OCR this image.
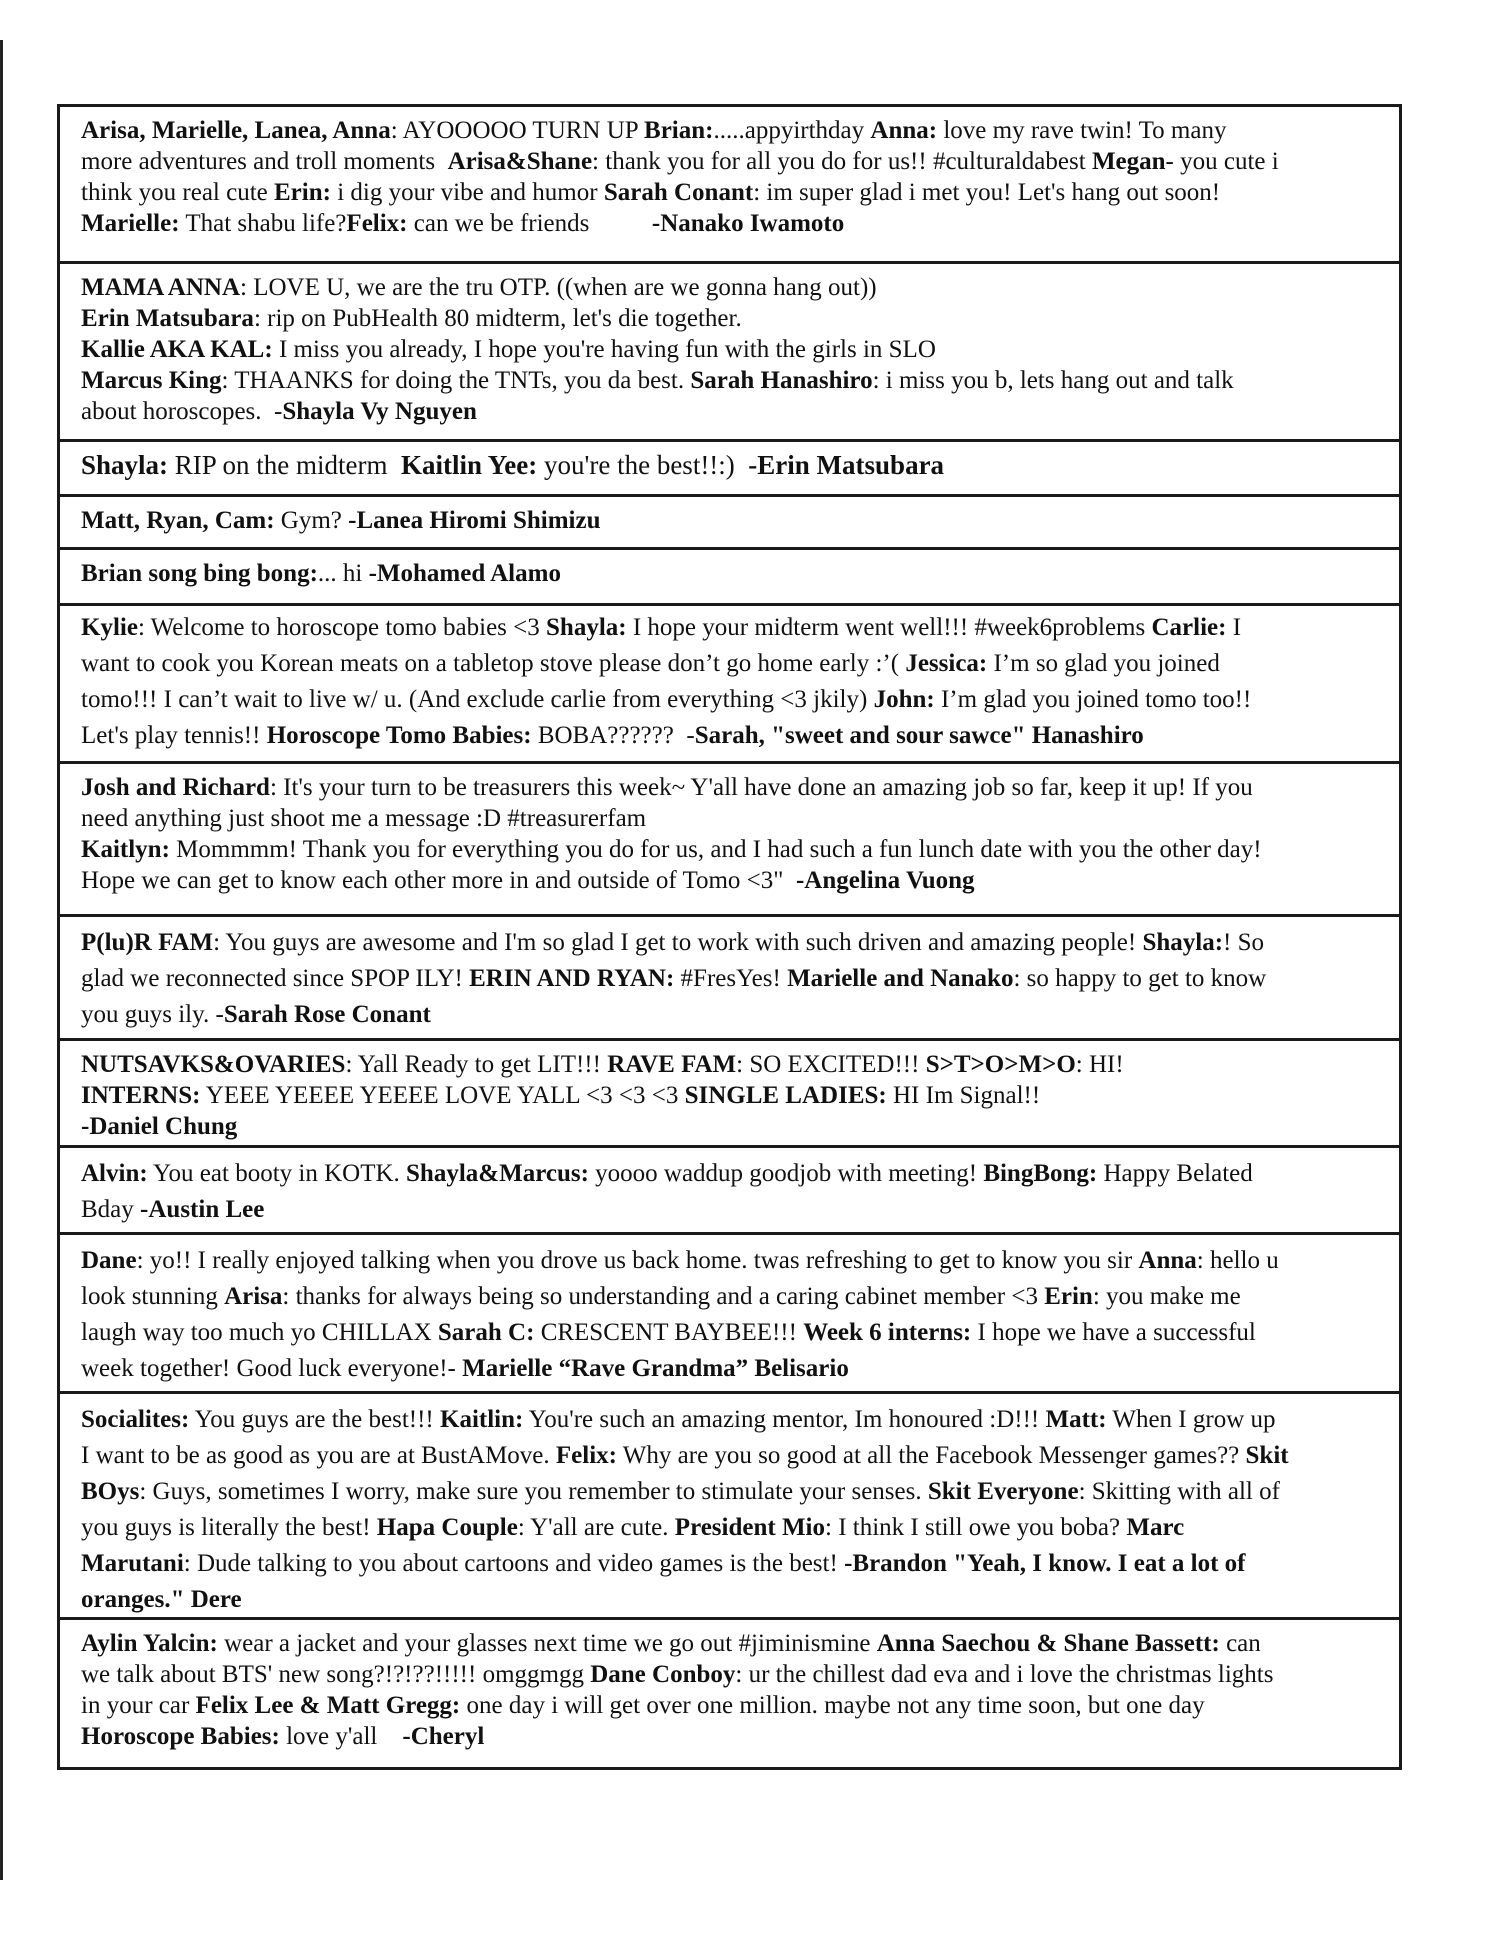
Arisa, Marielle, Lanea, Anna: AYOOOOO TURN UP Brian:.....appyirthday Anna: love my rave twin! To many
more adventures and troll moments  Arisa&Shane: thank you for all you do for us!! #culturaldabest Megan- you cute i
think you real cute Erin: i dig your vibe and humor Sarah Conant: im super glad i met you! Let's hang out soon!
Marielle: That shabu life?Felix: can we be friends          -Nanako Iwamoto
MAMA ANNA: LOVE U, we are the tru OTP. ((when are we gonna hang out))
Erin Matsubara: rip on PubHealth 80 midterm, let's die together.
Kallie AKA KAL: I miss you already, I hope you're having fun with the girls in SLO
Marcus King: THAANKS for doing the TNTs, you da best. Sarah Hanashiro: i miss you b, lets hang out and talk
about horoscopes.  -Shayla Vy Nguyen
Shayla: RIP on the midterm  Kaitlin Yee: you're the best!!:)  -Erin Matsubara
Matt, Ryan, Cam: Gym? -Lanea Hiromi Shimizu
Brian song bing bong:... hi -Mohamed Alamo
Kylie: Welcome to horoscope tomo babies <3 Shayla: I hope your midterm went well!!! #week6problems Carlie: I
want to cook you Korean meats on a tabletop stove please don’t go home early :’( Jessica: I’m so glad you joined
tomo!!! I can’t wait to live w/ u. (And exclude carlie from everything <3 jkily) John: I’m glad you joined tomo too!!
Let's play tennis!! Horoscope Tomo Babies: BOBA??????  -Sarah, "sweet and sour sawce" Hanashiro
Josh and Richard: It's your turn to be treasurers this week~ Y'all have done an amazing job so far, keep it up! If you
need anything just shoot me a message :D #treasurerfam
Kaitlyn: Mommmm! Thank you for everything you do for us, and I had such a fun lunch date with you the other day!
Hope we can get to know each other more in and outside of Tomo <3"  -Angelina Vuong
P(lu)R FAM: You guys are awesome and I'm so glad I get to work with such driven and amazing people! Shayla:! So
glad we reconnected since SPOP ILY! ERIN AND RYAN: #FresYes! Marielle and Nanako: so happy to get to know
you guys ily. -Sarah Rose Conant
NUTSAVKS&OVARIES: Yall Ready to get LIT!!! RAVE FAM: SO EXCITED!!! S>T>O>M>O: HI!
INTERNS: YEEE YEEEE YEEEE LOVE YALL <3 <3 <3 SINGLE LADIES: HI Im Signal!!
-Daniel Chung
Alvin: You eat booty in KOTK. Shayla&Marcus: yoooo waddup goodjob with meeting! BingBong: Happy Belated
Bday -Austin Lee
Dane: yo!! I really enjoyed talking when you drove us back home. twas refreshing to get to know you sir Anna: hello u
look stunning Arisa: thanks for always being so understanding and a caring cabinet member <3 Erin: you make me
laugh way too much yo CHILLAX Sarah C: CRESCENT BAYBEE!!! Week 6 interns: I hope we have a successful
week together! Good luck everyone!- Marielle “Rave Grandma” Belisario
Socialites: You guys are the best!!! Kaitlin: You're such an amazing mentor, Im honoured :D!!! Matt: When I grow up
I want to be as good as you are at BustAMove. Felix: Why are you so good at all the Facebook Messenger games?? Skit
BOys: Guys, sometimes I worry, make sure you remember to stimulate your senses. Skit Everyone: Skitting with all of
you guys is literally the best! Hapa Couple: Y'all are cute. President Mio: I think I still owe you boba? Marc
Marutani: Dude talking to you about cartoons and video games is the best! -Brandon "Yeah, I know. I eat a lot of
oranges." Dere
Aylin Yalcin: wear a jacket and your glasses next time we go out #jiminismine Anna Saechou & Shane Bassett: can
we talk about BTS' new song?!?!??!!!!! omggmgg Dane Conboy: ur the chillest dad eva and i love the christmas lights
in your car Felix Lee & Matt Gregg: one day i will get over one million. maybe not any time soon, but one day
Horoscope Babies: love y'all    -Cheryl
